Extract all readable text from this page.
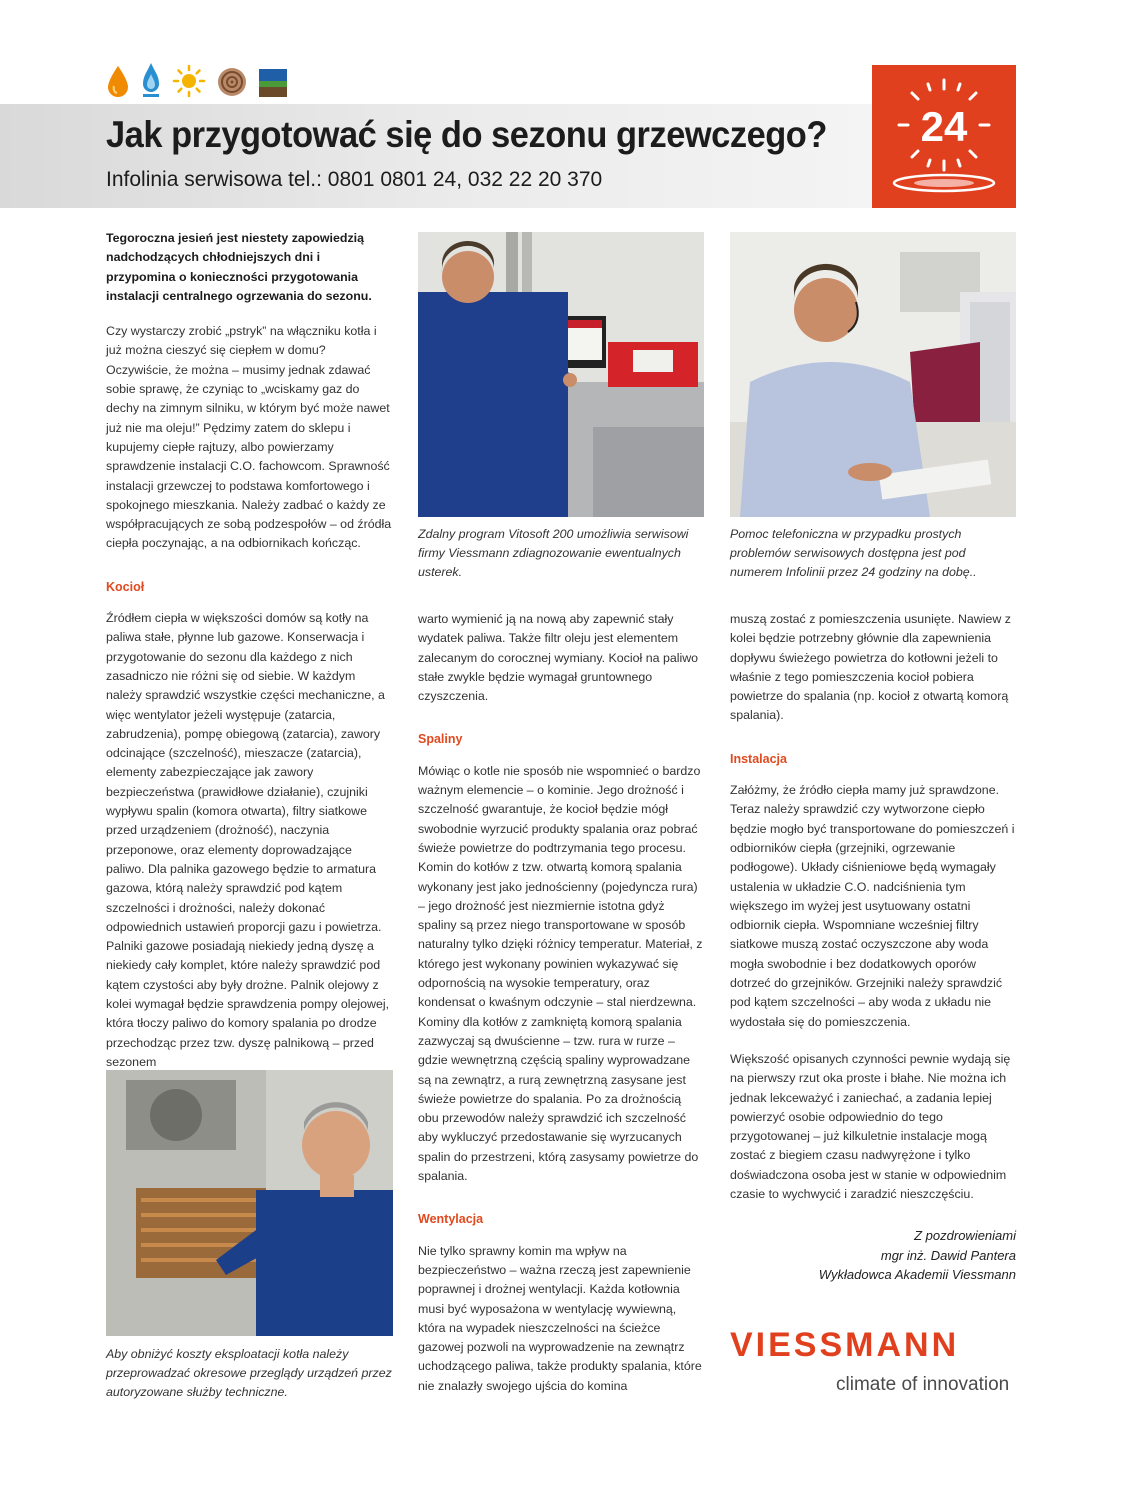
Jak przygotować się do sezonu grzewczego?
Infolinia serwisowa tel.: 0801 0801 24, 032 22 20 370
24

Tegoroczna jesień jest niestety zapowiedzią nadchodzących chłodniejszych dni i przypomina o konieczności przygotowania instalacji centralnego ogrzewania do sezonu.

Czy wystarczy zrobić „pstryk” na włączniku kotła i już można cieszyć się ciepłem w domu? Oczywiście, że można – musimy jednak zdawać sobie sprawę, że czyniąc to „wciskamy gaz do dechy na zimnym silniku, w którym być może nawet już nie ma oleju!” Pędzimy zatem do sklepu i kupujemy ciepłe rajtuzy, albo powierzamy sprawdzenie instalacji C.O. fachowcom. Sprawność instalacji grzewczej to podstawa komfortowego i spokojnego mieszkania. Należy zadbać o każdy ze współpracujących ze sobą podzespołów – od źródła ciepła poczynając, a na odbiornikach kończąc.

Kocioł

Źródłem ciepła w większości domów są kotły na paliwa stałe, płynne lub gazowe. Konserwacja i przygotowanie do sezonu dla każdego z nich zasadniczo nie różni się od siebie. W każdym należy sprawdzić wszystkie części mechaniczne, a więc wentylator jeżeli występuje (zatarcia, zabrudzenia), pompę obiegową (zatarcia), zawory odcinające (szczelność), mieszacze (zatarcia), elementy zabezpieczające jak zawory bezpieczeństwa (prawidłowe działanie), czujniki wypływu spalin (komora otwarta), filtry siatkowe przed urządzeniem (drożność), naczynia przeponowe, oraz elementy doprowadzające paliwo. Dla palnika gazowego będzie to armatura gazowa, którą należy sprawdzić pod kątem szczelności i drożności, należy dokonać odpowiednich ustawień proporcji gazu i powietrza. Palniki gazowe posiadają niekiedy jedną dyszę a niekiedy cały komplet, które należy sprawdzić pod kątem czystości aby były drożne. Palnik olejowy z kolei wymagał będzie sprawdzenia pompy olejowej, która tłoczy paliwo do komory spalania po drodze przechodząc przez tzw. dyszę palnikową – przed sezonem

Aby obniżyć koszty eksploatacji kotła należy przeprowadzać okresowe przeglądy urządzeń przez autoryzowane służby techniczne.
Zdalny program Vitosoft 200 umożliwia serwisowi firmy Viessmann zdiagnozowanie ewentualnych usterek.

warto wymienić ją na nową aby zapewnić stały wydatek paliwa. Także filtr oleju jest elementem zalecanym do corocznej wymiany. Kocioł na paliwo stałe zwykle będzie wymagał gruntownego czyszczenia.

Spaliny

Mówiąc o kotle nie sposób nie wspomnieć o bardzo ważnym elemencie – o kominie. Jego drożność i szczelność gwarantuje, że kocioł będzie mógł swobodnie wyrzucić produkty spalania oraz pobrać świeże powietrze do podtrzymania tego procesu. Komin do kotłów z tzw. otwartą komorą spalania wykonany jest jako jednościenny (pojedyncza rura) – jego drożność jest niezmiernie istotna gdyż spaliny są przez niego transportowane w sposób naturalny tylko dzięki różnicy temperatur. Materiał, z którego jest wykonany powinien wykazywać się odpornością na wysokie temperatury, oraz kondensat o kwaśnym odczynie – stal nierdzewna. Kominy dla kotłów z zamkniętą komorą spalania zazwyczaj są dwuścienne – tzw. rura w rurze – gdzie wewnętrzną częścią spaliny wyprowadzane są na zewnątrz, a rurą zewnętrzną zasysane jest świeże powietrze do spalania. Po za drożnością obu przewodów należy sprawdzić ich szczelność aby wykluczyć przedostawanie się wyrzucanych spalin do przestrzeni, którą zasysamy powietrze do spalania.

Wentylacja

Nie tylko sprawny komin ma wpływ na bezpieczeństwo – ważna rzeczą jest zapewnienie poprawnej i drożnej wentylacji. Każda kotłownia musi być wyposażona w wentylację wywiewną, która na wypadek nieszczelności na ścieżce gazowej pozwoli na wyprowadzenie na zewnątrz uchodzącego paliwa, także produkty spalania, które nie znalazły swojego ujścia do komina

Pomoc telefoniczna w przypadku prostych problemów serwisowych dostępna jest pod numerem Infolinii przez 24 godziny na dobę..

muszą zostać z pomieszczenia usunięte. Nawiew z kolei będzie potrzebny głównie dla zapewnienia dopływu świeżego powietrza do kotłowni jeżeli to właśnie z tego pomieszczenia kocioł pobiera powietrze do spalania (np. kocioł z otwartą komorą spalania).

Instalacja

Załóżmy, że źródło ciepła mamy już sprawdzone. Teraz należy sprawdzić czy wytworzone ciepło będzie mogło być transportowane do pomieszczeń i odbiorników ciepła (grzejniki, ogrzewanie podłogowe). Układy ciśnieniowe będą wymagały ustalenia w układzie C.O. nadciśnienia tym większego im wyżej jest usytuowany ostatni odbiornik ciepła. Wspomniane wcześniej filtry siatkowe muszą zostać oczyszczone aby woda mogła swobodnie i bez dodatkowych oporów dotrzeć do grzejników. Grzejniki należy sprawdzić pod kątem szczelności – aby woda z układu nie wydostała się do pomieszczenia.

Większość opisanych czynności pewnie wydają się na pierwszy rzut oka proste i błahe. Nie można ich jednak lekceważyć i zaniechać, a zadania lepiej powierzyć osobie odpowiednio do tego przygotowanej – już kilkuletnie instalacje mogą zostać z biegiem czasu nadwyrężone i tylko doświadczona osoba jest w stanie w odpowiednim czasie to wychwycić i zaradzić nieszczęściu.

Z pozdrowieniami
mgr inż. Dawid Pantera
Wykładowca Akademii Viessmann
VIESSMANN
climate of innovation
